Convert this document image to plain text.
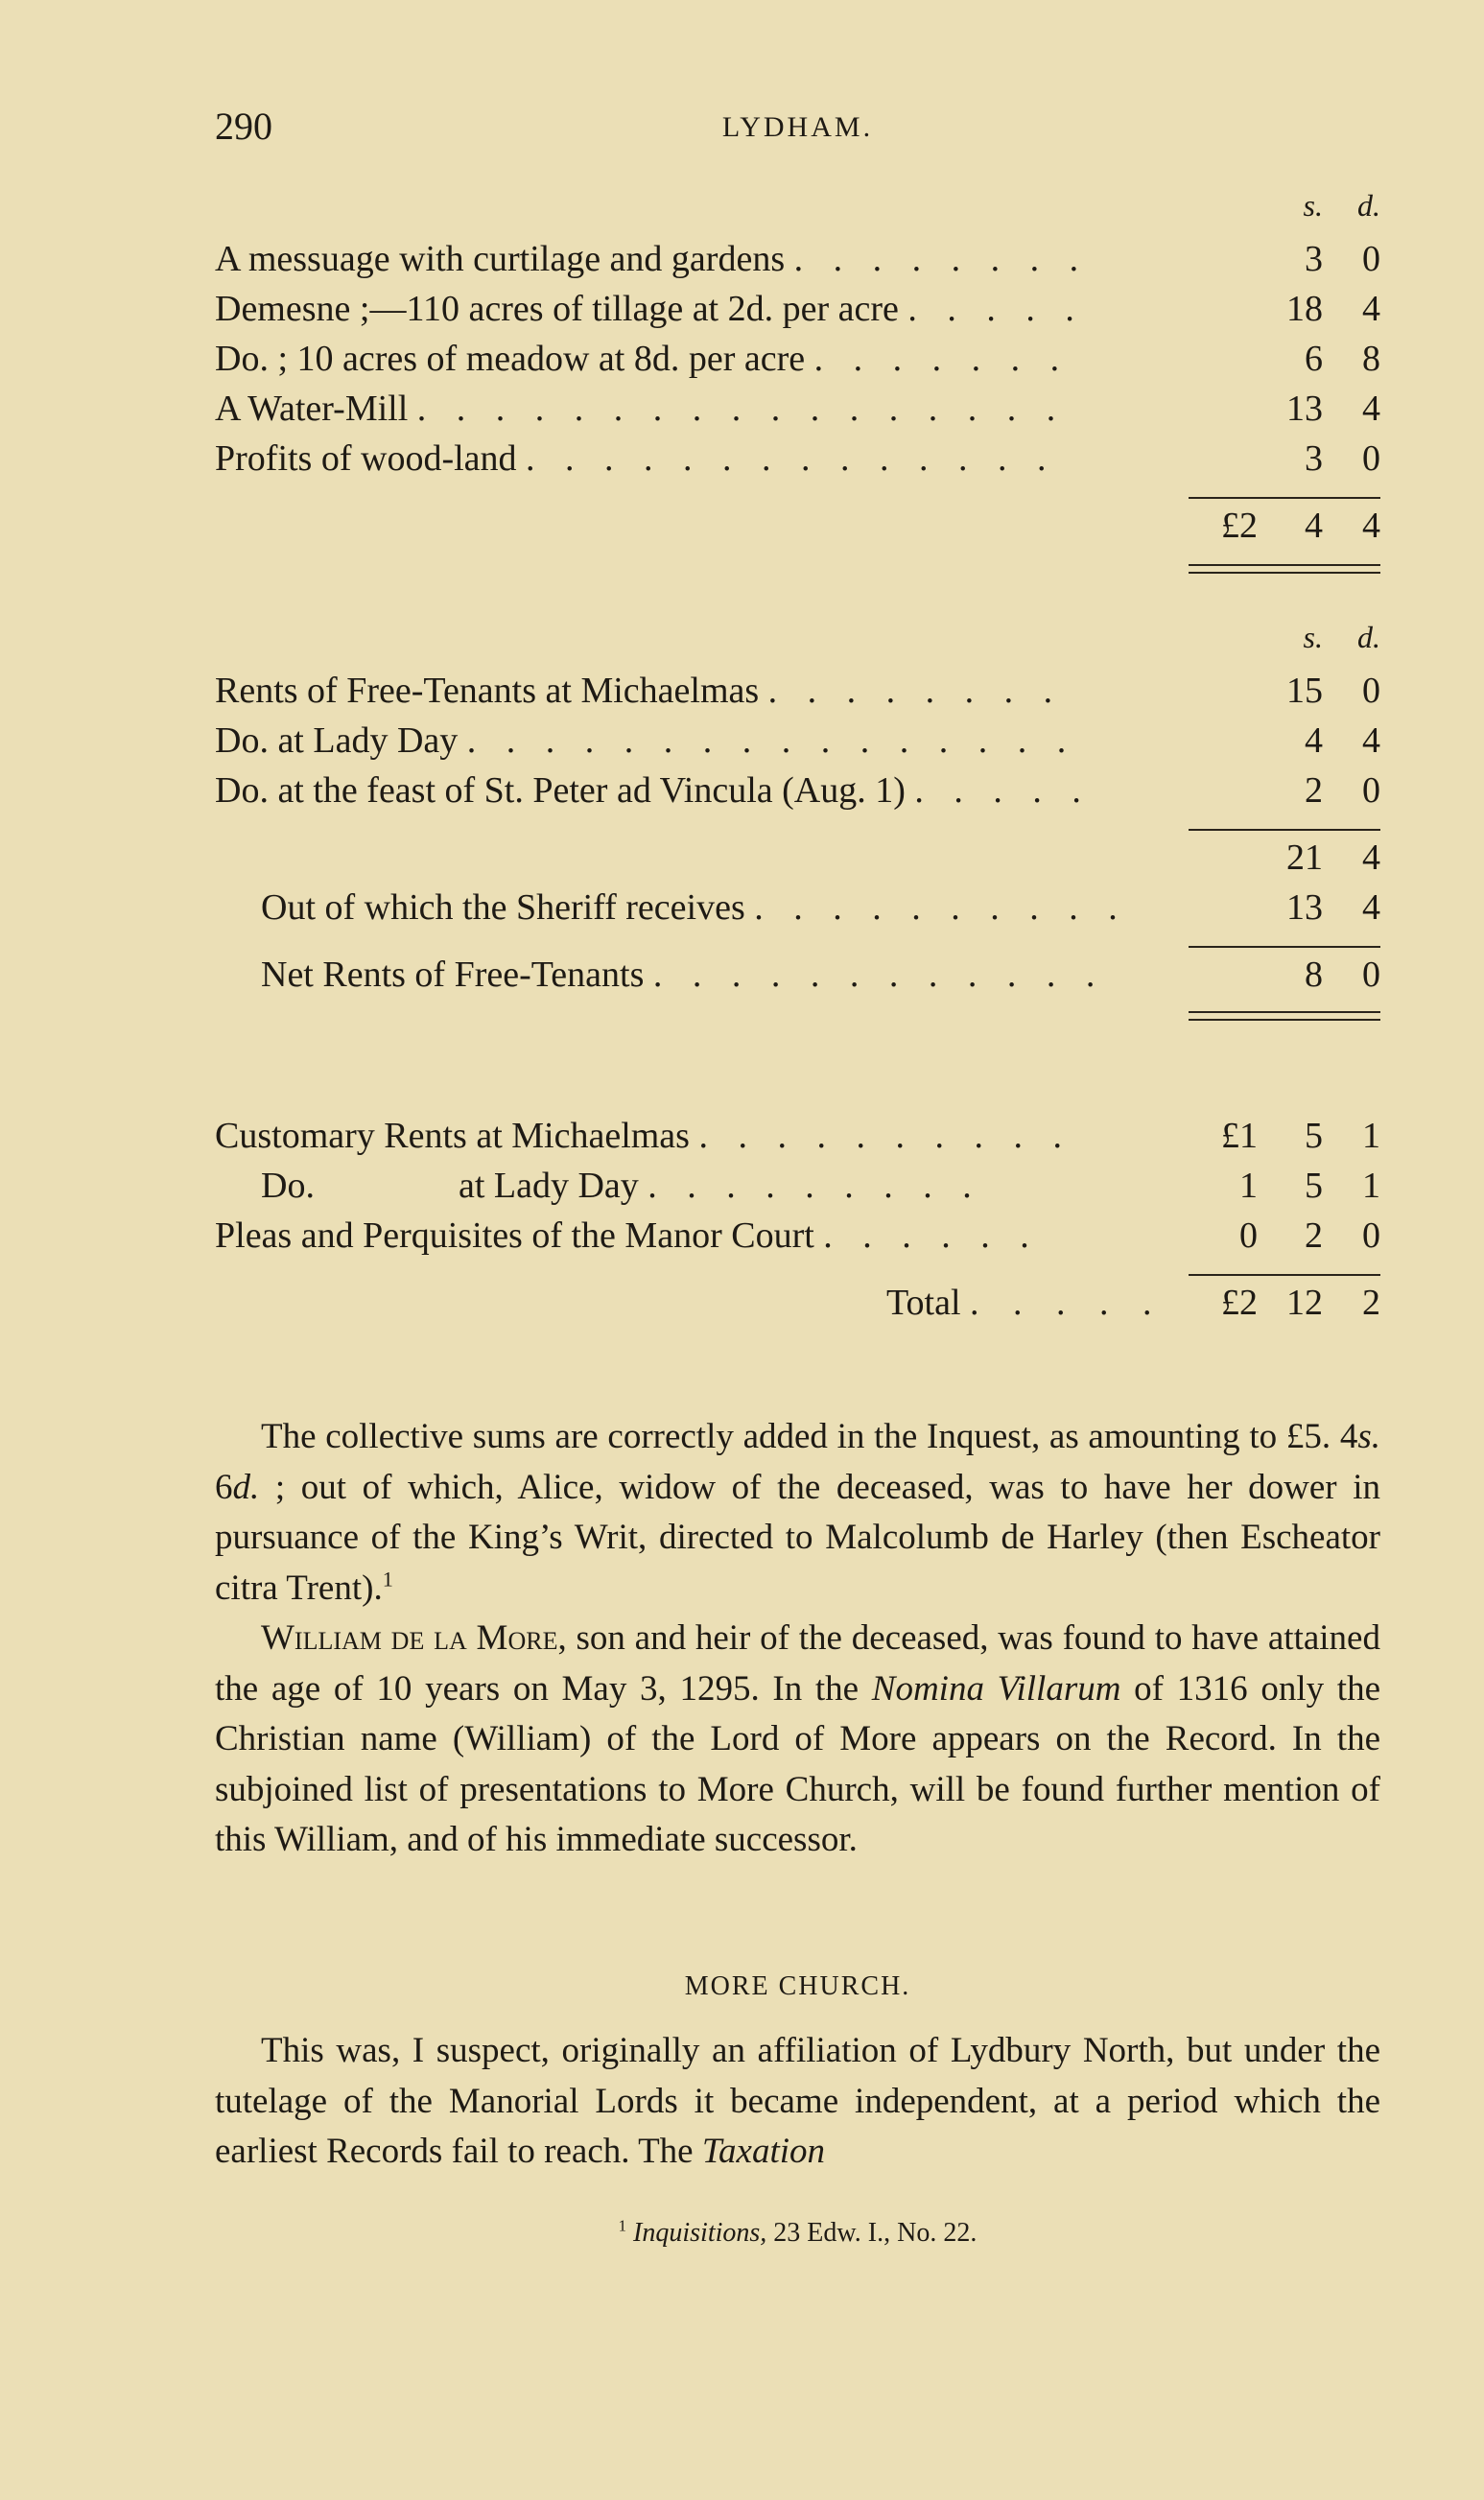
290	LYDHAM.
s.	d.
A messuage with curtilage and gardens . . . . . . . .	3	0
Demesne ;—110 acres of tillage at 2d. per acre . . . . .	18	4
Do. ; 10 acres of meadow at 8d. per acre . . . . . . .	6	8
A Water-Mill . . . . . . . . . . . . . . . . .	13	4
Profits of wood-land . . . . . . . . . . . . . .	3	0
£2	4	4
s.	d.
Rents of Free-Tenants at Michaelmas . . . . . . . .	15	0
Do. at Lady Day . . . . . . . . . . . . . . . .	4	4
Do. at the feast of St. Peter ad Vincula (Aug. 1) . . . . .	2	0
21	4
Out of which the Sheriff receives . . . . . . . . . .	13	4
Net Rents of Free-Tenants . . . . . . . . . . . .	8	0
Customary Rents at Michaelmas . . . . . . . . . .	£1	5	1
Do.	at Lady Day . . . . . . . . .	1	5	1
Pleas and Perquisites of the Manor Court . . . . . .	0	2	0
Total . . . . .	£2 12	2

The collective sums are correctly added in the Inquest, as amounting to £5. 4s. 6d. ; out of which, Alice, widow of the deceased, was to have her dower in pursuance of the King’s Writ, directed to Malcolumb de Harley (then Escheator citra Trent).$^1$

William de la More, son and heir of the deceased, was found to have attained the age of 10 years on May 3, 1295. In the Nomina Villarum of 1316 only the Christian name (William) of the Lord of More appears on the Record. In the subjoined list of presentations to More Church, will be found further mention of this William, and of his immediate successor.

MORE CHURCH.

This was, I suspect, originally an affiliation of Lydbury North, but under the tutelage of the Manorial Lords it became independent, at a period which the earliest Records fail to reach. The Taxation

$^1$ Inquisitions, 23 Edw. I., No. 22.
